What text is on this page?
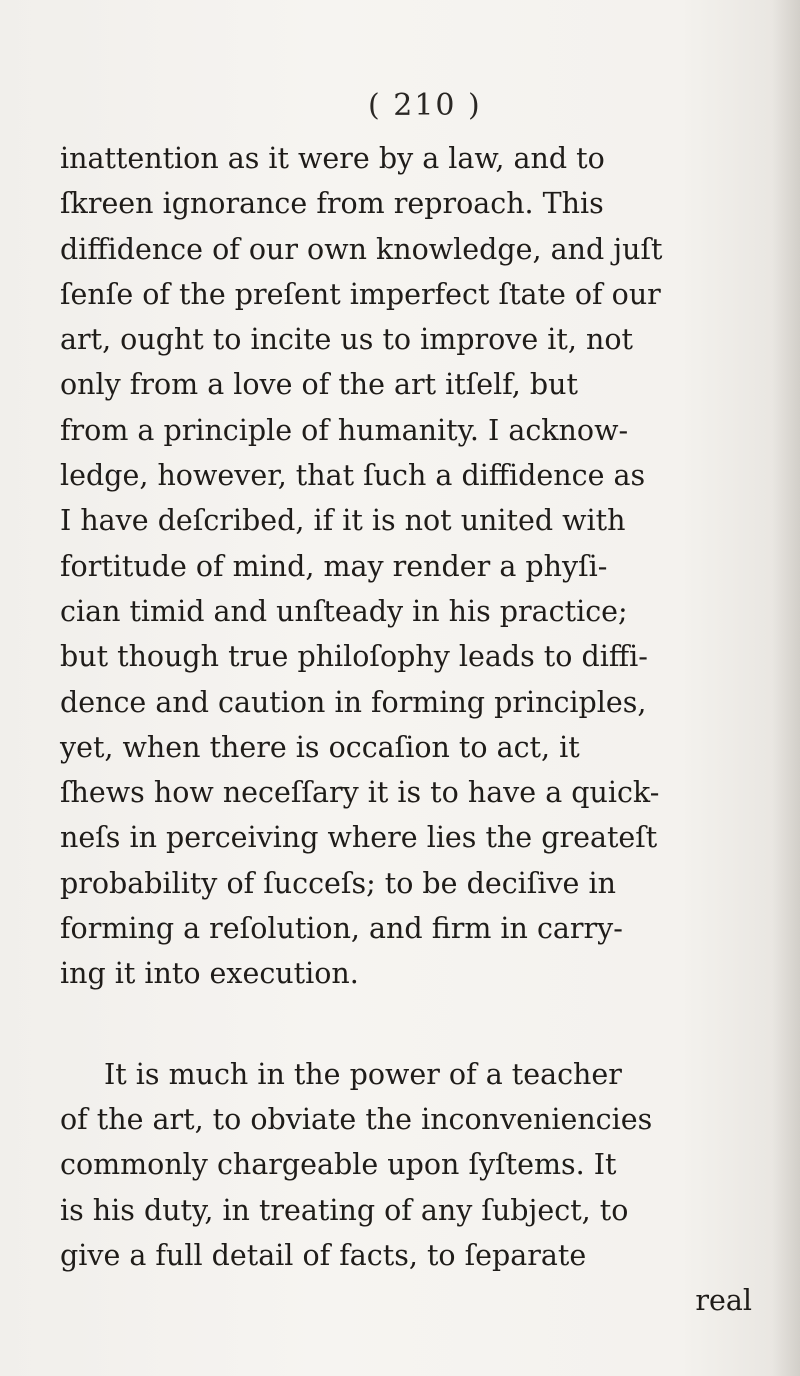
( 210 )
inattention as it were by a law, and to
ſkreen ignorance from reproach. This
diffidence of our own knowledge, and juſt
ſenſe of the preſent imperfect ſtate of our
art, ought to incite us to improve it, not
only from a love of the art itſelf, but
from a principle of humanity. I acknow-
ledge, however, that ſuch a diffidence as
I have deſcribed, if it is not united with
fortitude of mind, may render a phyſi-
cian timid and unſteady in his practice;
but though true philoſophy leads to diffi-
dence and caution in forming principles,
yet, when there is occaſion to act, it
ſhews how neceſſary it is to have a quick-
neſs in perceiving where lies the greateſt
probability of ſucceſs; to be deciſive in
forming a reſolution, and firm in carry-
ing it into execution.
It is much in the power of a teacher
of the art, to obviate the inconveniencies
commonly chargeable upon ſyſtems. It
is his duty, in treating of any ſubject, to
give a full detail of facts, to ſeparate
real
